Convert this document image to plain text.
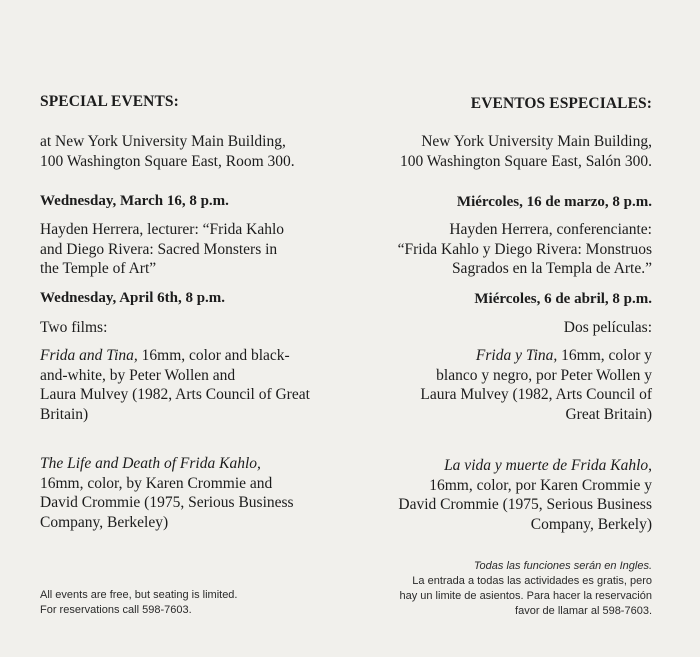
SPECIAL EVENTS:
at New York University Main Building,
100 Washington Square East, Room 300.
Wednesday, March 16, 8 p.m.
Hayden Herrera, lecturer: “Frida Kahlo
and Diego Rivera: Sacred Monsters in
the Temple of Art”
Wednesday, April 6th, 8 p.m.
Two films:
Frida and Tina, 16mm, color and black-
and-white, by Peter Wollen and
Laura Mulvey (1982, Arts Council of Great
Britain)
The Life and Death of Frida Kahlo,
16mm, color, by Karen Crommie and
David Crommie (1975, Serious Business
Company, Berkeley)
EVENTOS ESPECIALES:
New York University Main Building,
100 Washington Square East, Salón 300.
Miércoles, 16 de marzo, 8 p.m.
Hayden Herrera, conferenciante:
“Frida Kahlo y Diego Rivera: Monstruos
Sagrados en la Templa de Arte.”
Miércoles, 6 de abril, 8 p.m.
Dos películas:
Frida y Tina, 16mm, color y
blanco y negro, por Peter Wollen y
Laura Mulvey (1982, Arts Council of
Great Britain)
La vida y muerte de Frida Kahlo,
16mm, color, por Karen Crommie y
David Crommie (1975, Serious Business
Company, Berkely)
All events are free, but seating is limited.
For reservations call 598-7603.
Todas las funciones serán en Ingles.
La entrada a todas las actividades es gratis, pero
hay un limite de asientos. Para hacer la reservación
favor de llamar al 598-7603.
